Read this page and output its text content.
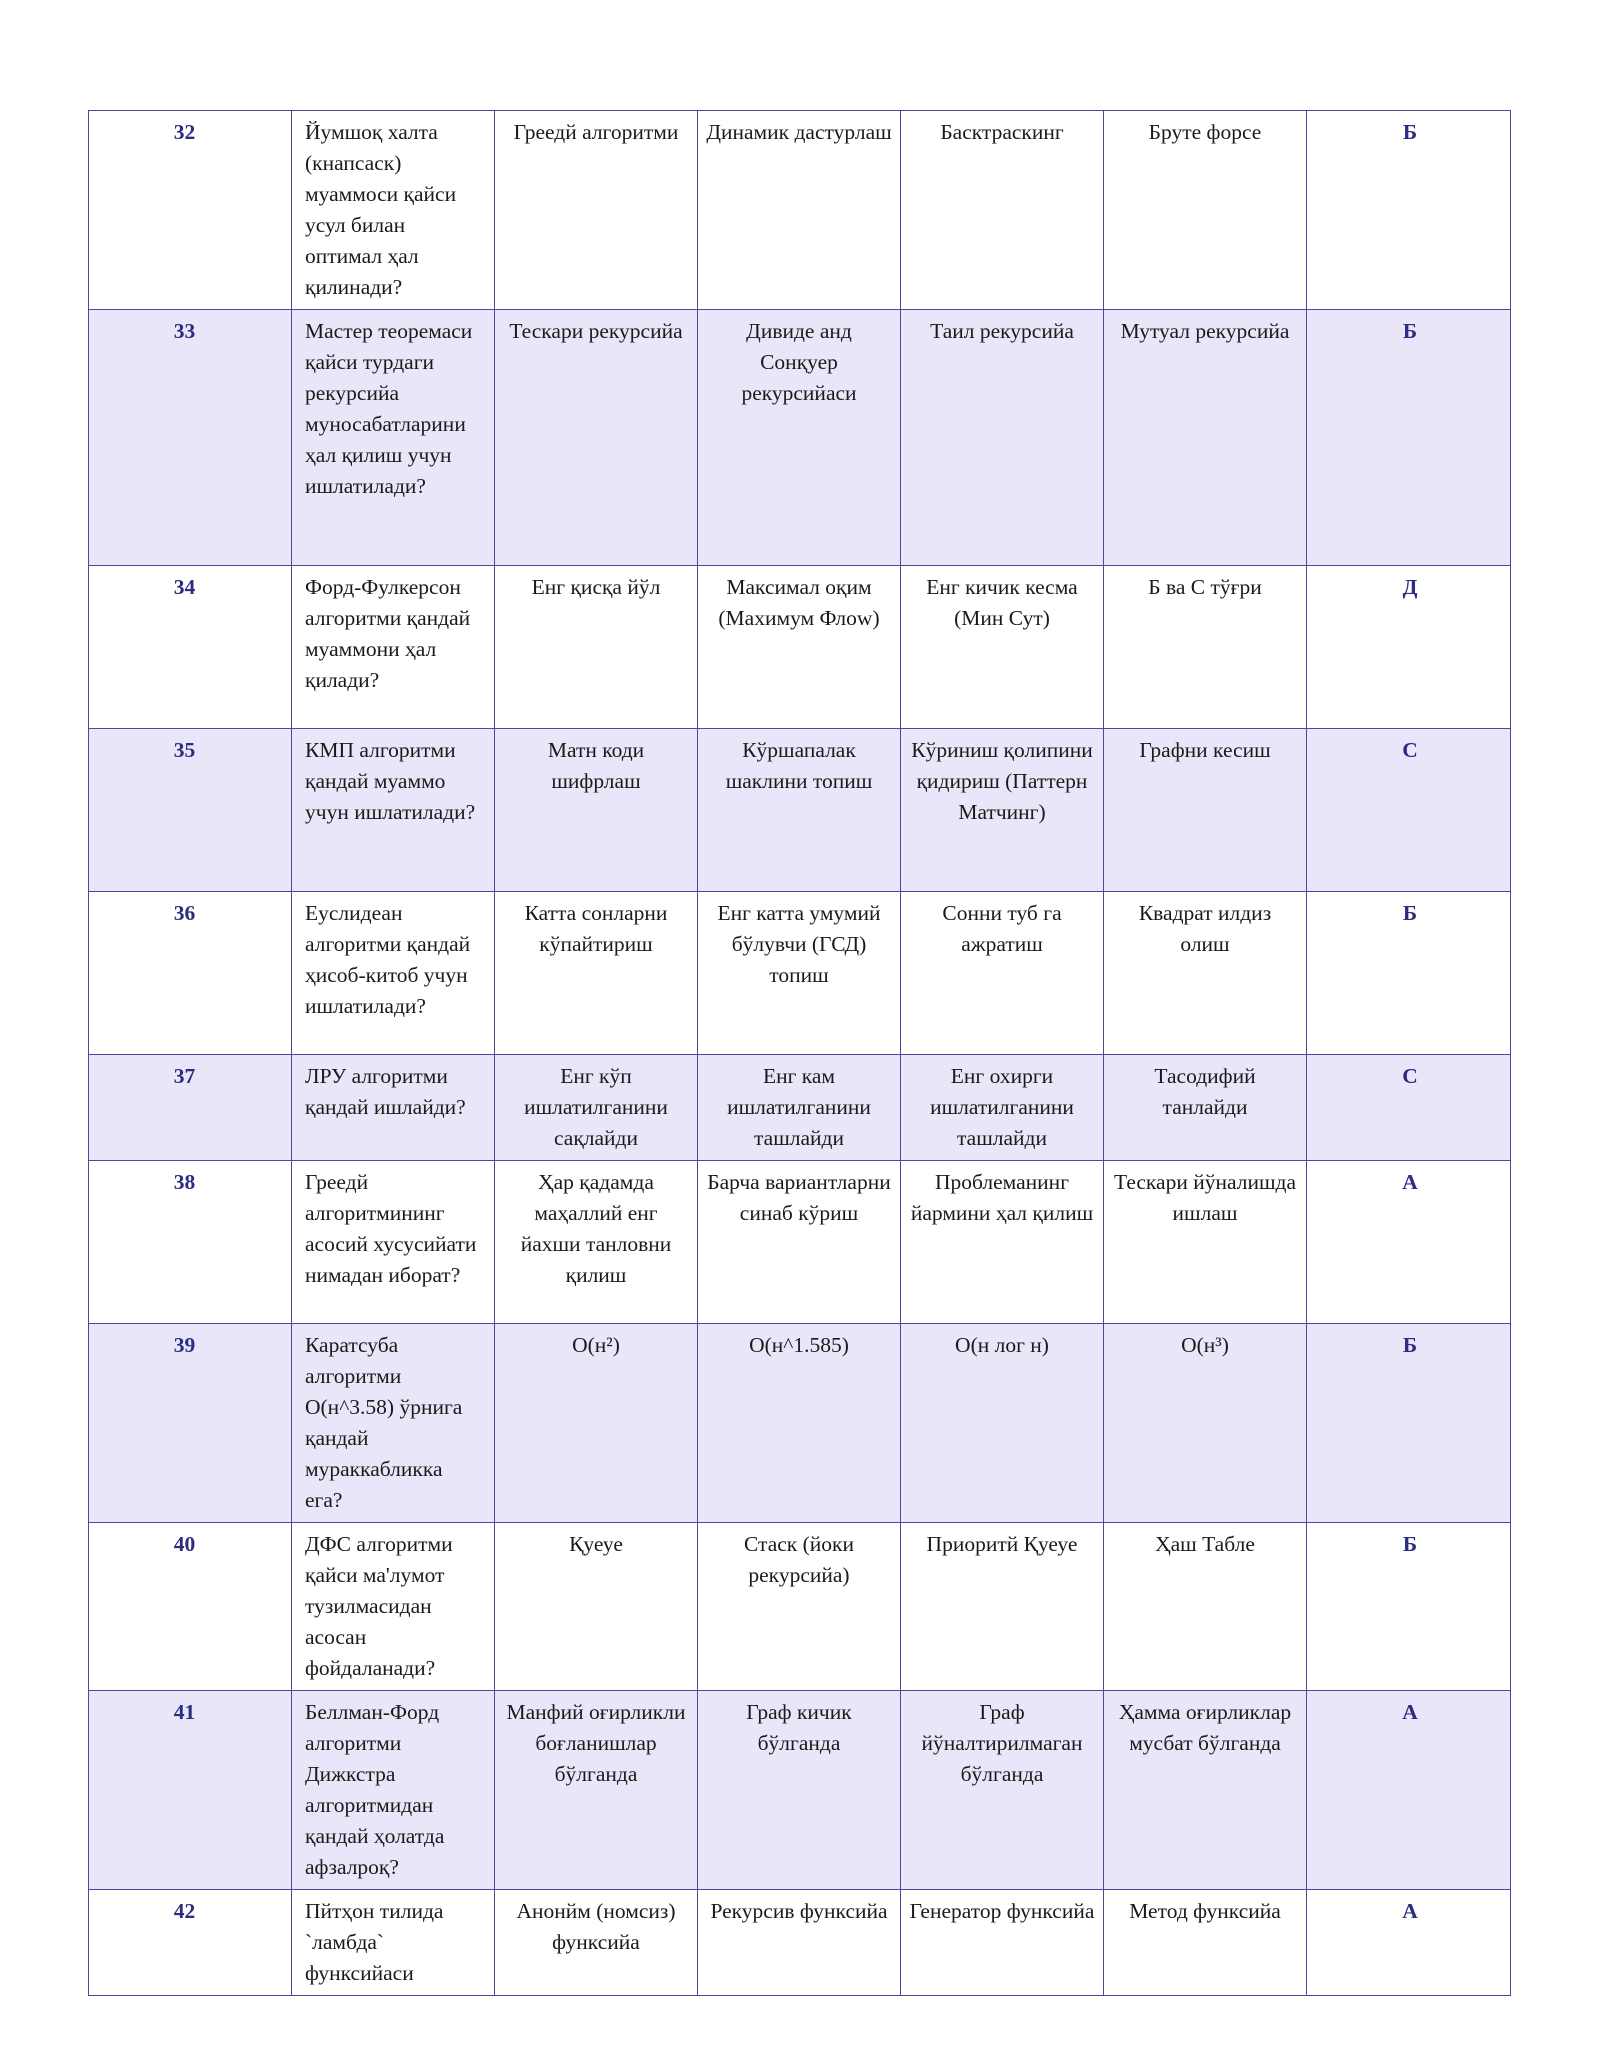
32	Йумшоқ халта (кнапсаск) муаммоси қайси усул билан оптимал ҳал қилинади?	Греедй алгоритми	Динамик дастурлаш	Басктраскинг	Бруте форсе	Б
33	Мастер теоремаси қайси турдаги рекурсийа муносабатларини ҳал қилиш учун ишлатилади?	Тескари рекурсийа	Дивиде анд Сонқуер рекурсийаси	Таил рекурсийа	Мутуал рекурсийа	Б
34	Форд-Фулкерсон алгоритми қандай муаммони ҳал қилади?	Енг қисқа йўл	Максимал оқим (Махимум Флоw)	Енг кичик кесма (Мин Сут)	Б ва С тўғри	Д
35	КМП алгоритми қандай муаммо учун ишлатилади?	Матн коди шифрлаш	Кўршапалак шаклини топиш	Кўриниш қолипини қидириш (Паттерн Матчинг)	Графни кесиш	С
36	Еуслидеан алгоритми қандай ҳисоб-китоб учун ишлатилади?	Катта сонларни кўпайтириш	Енг катта умумий бўлувчи (ГСД) топиш	Сонни туб га ажратиш	Квадрат илдиз олиш	Б
37	ЛРУ алгоритми қандай ишлайди?	Енг кўп ишлатилганини сақлайди	Енг кам ишлатилганини ташлайди	Енг охирги ишлатилганини ташлайди	Тасодифий танлайди	С
38	Греедй алгоритмининг асосий хусусийати нимадан иборат?	Ҳар қадамда маҳаллий енг йахши танловни қилиш	Барча вариантларни синаб кўриш	Проблеманинг йармини ҳал қилиш	Тескари йўналишда ишлаш	А
39	Каратсуба алгоритми О(н^3.58) ўрнига қандай мураккабликка ега?	О(н²)	О(н^1.585)	О(н лог н)	О(н³)	Б
40	ДФС алгоритми қайси ма'лумот тузилмасидан асосан фойдаланади?	Қуеуе	Стаск (йоки рекурсийа)	Приоритй Қуеуе	Ҳаш Табле	Б
41	Беллман-Форд алгоритми Дижкстра алгоритмидан қандай ҳолатда афзалроқ?	Манфий оғирликли боғланишлар бўлганда	Граф кичик бўлганда	Граф йўналтирилмаган бўлганда	Ҳамма оғирликлар мусбат бўлганда	А
42	Пйтҳон тилида `ламбда` функсийаси	Анонйм (номсиз) функсийа	Рекурсив функсийа	Генератор функсийа	Метод функсийа	А
